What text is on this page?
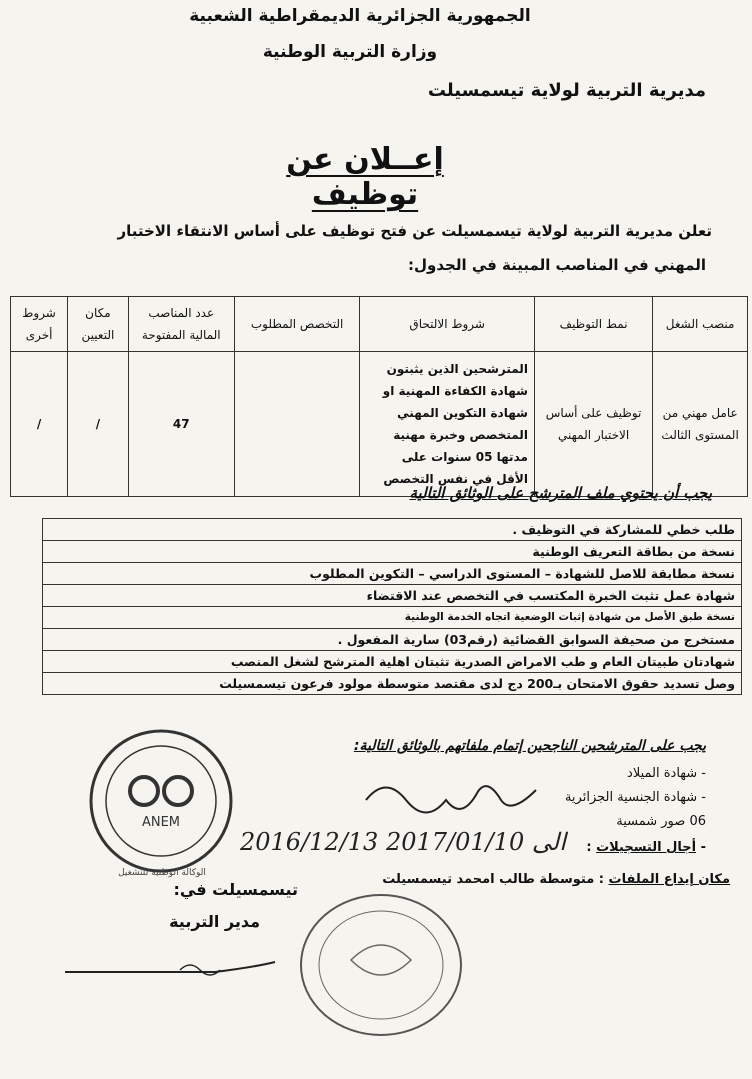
الجمهورية الجزائرية الديمقراطية الشعبية
وزارة التربية الوطنية
مديرية التربية لولاية تيسمسيلت
إعــلان عن توظيف
تعلن مديرية التربية لولاية تيسمسيلت عن فتح توظيف على أساس الانتقاء الاختبار
المهني في المناصب المبينة في الجدول:
منصب الشغل	نمط التوظيف	شروط الالتحاق	التخصص المطلوب	عدد المناصب المالية المفتوحة	مكان التعيين	شروط أخرى
عامل مهني من المستوى الثالث	توظيف على أساس الاختبار المهني	المترشحين الذين يثبتون شهادة الكفاءة المهنية او شهادة التكوين المهني المتخصص وخبرة مهنية مدتها 05 سنوات على الأقل في نفس التخصص		47	/	/
يجب أن يحتوي ملف المترشح على الوثائق التالية
طلب خطي للمشاركة في التوظيف .
نسخة من بطاقة التعريف الوطنية
نسخة مطابقة للاصل للشهادة – المستوى الدراسي – التكوين المطلوب
شهادة عمل تثبت الخبرة المكتسب في التخصص عند الاقتضاء
نسخة طبق الأصل من شهادة إثبات الوضعية اتجاه الخدمة الوطنية
مستخرج من صحيفة السوابق القضائية (رقم03) سارية المفعول .
شهادتان طبيتان العام و طب الامراض الصدرية تثبتان اهلية المترشح لشغل المنصب
وصل تسديد حقوق الامتحان بـ200 دج لدى مقتصد متوسطة مولود فرعون تيسمسيلت
يجب على المترشحين الناجحين إتمام ملفاتهم بالوثائق التالية:
- شهادة الميلاد
- شهادة الجنسية الجزائرية
06 صور شمسية
- أجال التسجيلات :
2016/12/13 الى 2017/01/10
مكان إيداع الملفات : متوسطة طالب امحمد تيسمسيلت
تيسمسيلت في:
مدير التربية
ANEM
الوكالة الوطنية للتشغيل
